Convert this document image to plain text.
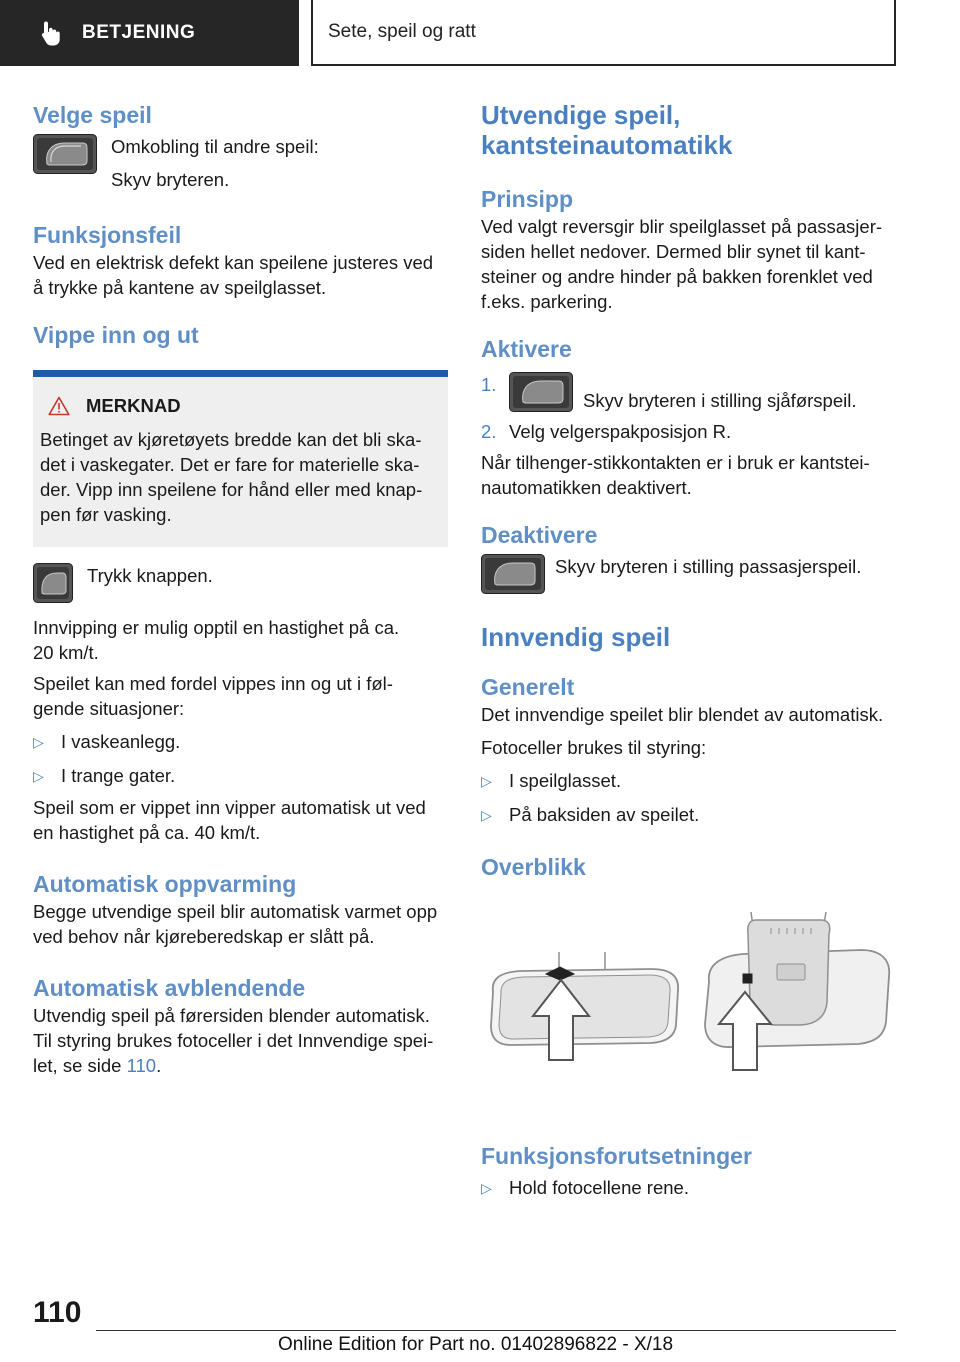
BETJENING	Sete, speil og ratt
Velge speil

Omkobling til andre speil:

Skyv bryteren.

Funksjonsfeil

Ved en elektrisk defekt kan speilene justeres ved å trykke på kantene av speilglasset.

Vippe inn og ut
MERKNAD

Betinget av kjøretøyets bredde kan det bli ska- det i vaskegater. Det er fare for materielle ska- der. Vipp inn speilene for hånd eller med knap- pen før vasking.

Trykk knappen.

Innvipping er mulig opptil en hastighet på ca.

20 km/t.

Speilet kan med fordel vippes inn og ut i føl- gende situasjoner:

▷ I vaskeanlegg.
▷ I trange gater.

Speil som er vippet inn vipper automatisk ut ved en hastighet på ca. 40 km/t.

Automatisk oppvarming

Begge utvendige speil blir automatisk varmet opp ved behov når kjøreberedskap er slått på.

Automatisk avblendende

Utvendig speil på førersiden blender automatisk. Til styring brukes fotoceller i det Innvendige spei- let, se side 110.

Utvendige speil,
kantsteinautomatikk
Prinsipp

Ved valgt reversgir blir speilglasset på passasjer- siden hellet nedover. Dermed blir synet til kant- steiner og andre hinder på bakken forenklet ved f.eks. parkering.

Aktivere
1.
Skyv bryteren i stilling sjåførspeil.
2. Velg velgerspakposisjon R.

Når tilhenger-stikkontakten er i bruk er kantstei- nautomatikken deaktivert.

Deaktivere

Skyv bryteren i stilling passasjerspeil.

Innvendig speil
Generelt

Det innvendige speilet blir blendet av automatisk.

Fotoceller brukes til styring:

▷ I speilglasset.
▷ På baksiden av speilet.
Overblikk
Funksjonsforutsetninger
▷ Hold fotocellene rene.
110
Online Edition for Part no. 01402896822 - X/18
